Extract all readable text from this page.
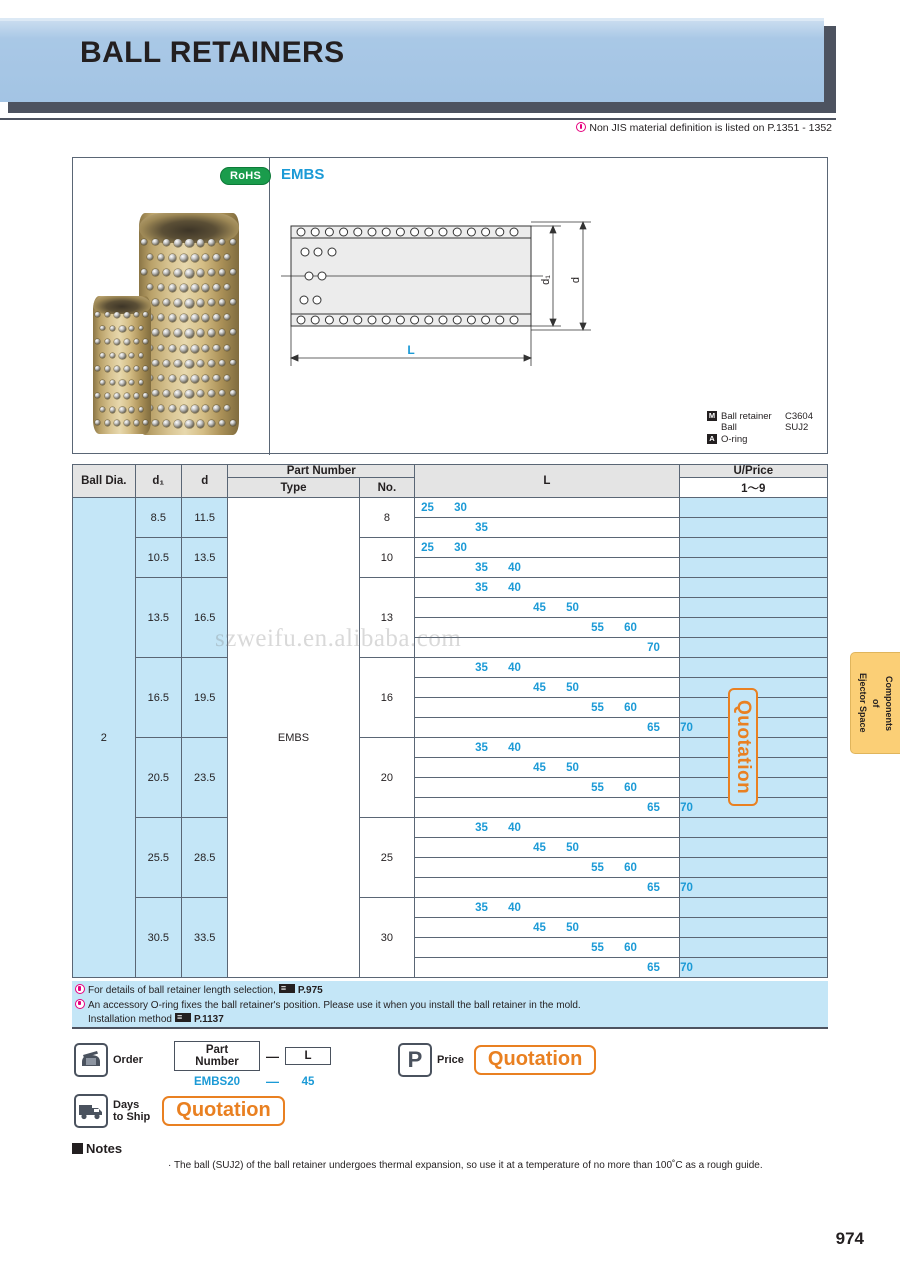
BALL RETAINERS
Non JIS material definition is listed on P.1351 - 1352
RoHS	EMBS
d₁ d
L
M Ball retainer	C3604
Ball	SUJ2
A O-ring
Ball Dia.	d₁	d	Part Number		L	U/Price
			Type	No.		1～9
2	8.5	11.5	EMBS	8	25 30	

					35	

	10.5	13.5		10	25 30	

					35 40	

	13.5	16.5		13	35 40	

					45 50	

					55 60	

					70	

	16.5	19.5		16	35 40	

					45 50	

					55 60	

					65 70	

	20.5	23.5		20	35 40	

					45 50	

					55 60	

					65 70	

	25.5	28.5		25	35 40	

					45 50	

					55 60	

					65 70	

	30.5	33.5		30	35 40	

					45 50	

					55 60	

					65 70	

Quotation
szweifu.en.alibaba.com
Components
of
Ejector Space
For details of ball retainer length selection, ≡ P.975
An accessory O-ring fixes the ball retainer's position. Please use it when you install the ball retainer in the mold.
Installation method ≡ P.1137
Order
Part Number	—	L
EMBS20	—	45
P Price	Quotation
Days
to Ship	Quotation
Notes
· The ball (SUJ2) of the ball retainer undergoes thermal expansion, so use it at a temperature of no more than 100˚C as a rough guide.
974
